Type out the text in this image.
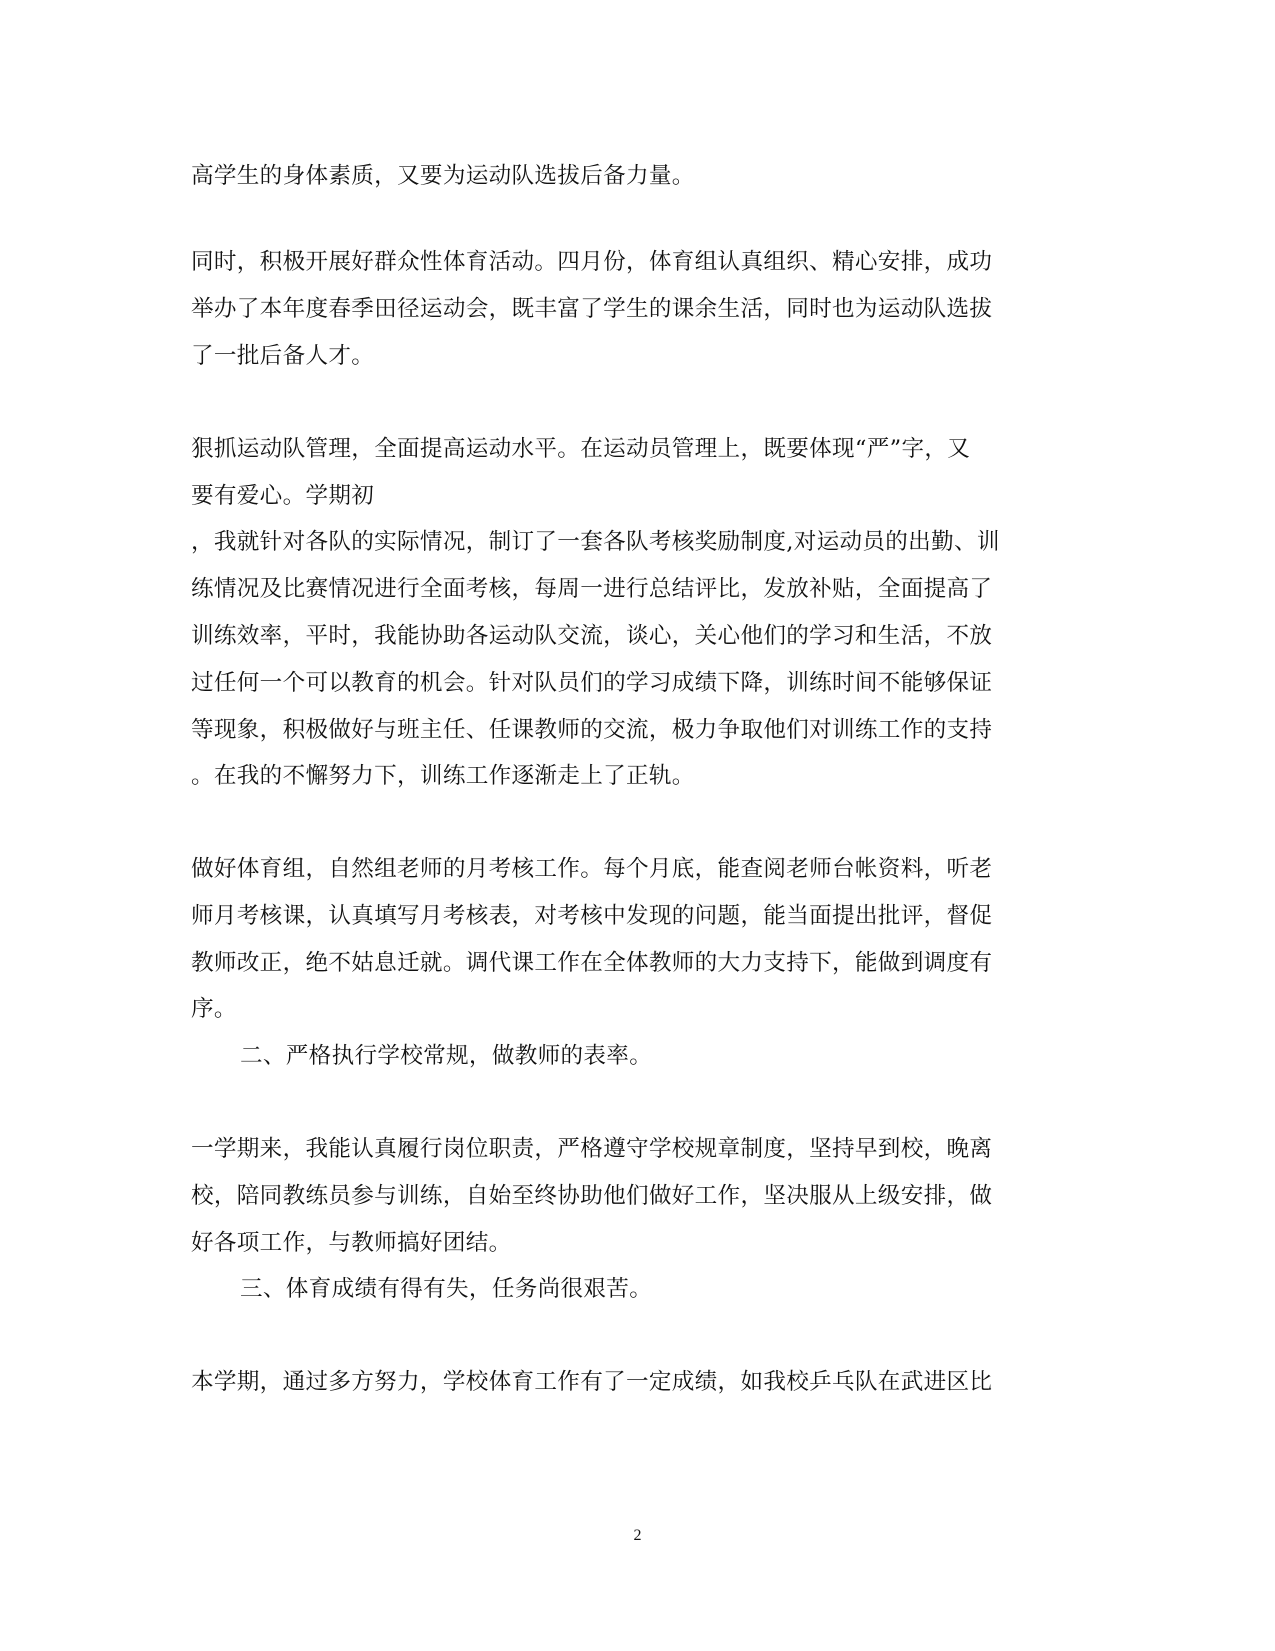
高学生的身体素质，又要为运动队选拔后备力量。
同时，积极开展好群众性体育活动。四月份，体育组认真组织、精心安排，成功
举办了本年度春季田径运动会，既丰富了学生的课余生活，同时也为运动队选拔
了一批后备人才。
狠抓运动队管理，全面提高运动水平。在运动员管理上，既要体现“严”字，又
要有爱心。学期初
，我就针对各队的实际情况，制订了一套各队考核奖励制度,对运动员的出勤、训
练情况及比赛情况进行全面考核，每周一进行总结评比，发放补贴，全面提高了
训练效率，平时，我能协助各运动队交流，谈心，关心他们的学习和生活，不放
过任何一个可以教育的机会。针对队员们的学习成绩下降，训练时间不能够保证
等现象，积极做好与班主任、任课教师的交流，极力争取他们对训练工作的支持
。在我的不懈努力下，训练工作逐渐走上了正轨。
做好体育组，自然组老师的月考核工作。每个月底，能查阅老师台帐资料，听老
师月考核课，认真填写月考核表，对考核中发现的问题，能当面提出批评，督促
教师改正，绝不姑息迁就。调代课工作在全体教师的大力支持下，能做到调度有
序。
二、严格执行学校常规，做教师的表率。
一学期来，我能认真履行岗位职责，严格遵守学校规章制度，坚持早到校，晚离
校，陪同教练员参与训练，自始至终协助他们做好工作，坚决服从上级安排，做
好各项工作，与教师搞好团结。
三、体育成绩有得有失，任务尚很艰苦。
本学期，通过多方努力，学校体育工作有了一定成绩，如我校乒乓队在武进区比
2
